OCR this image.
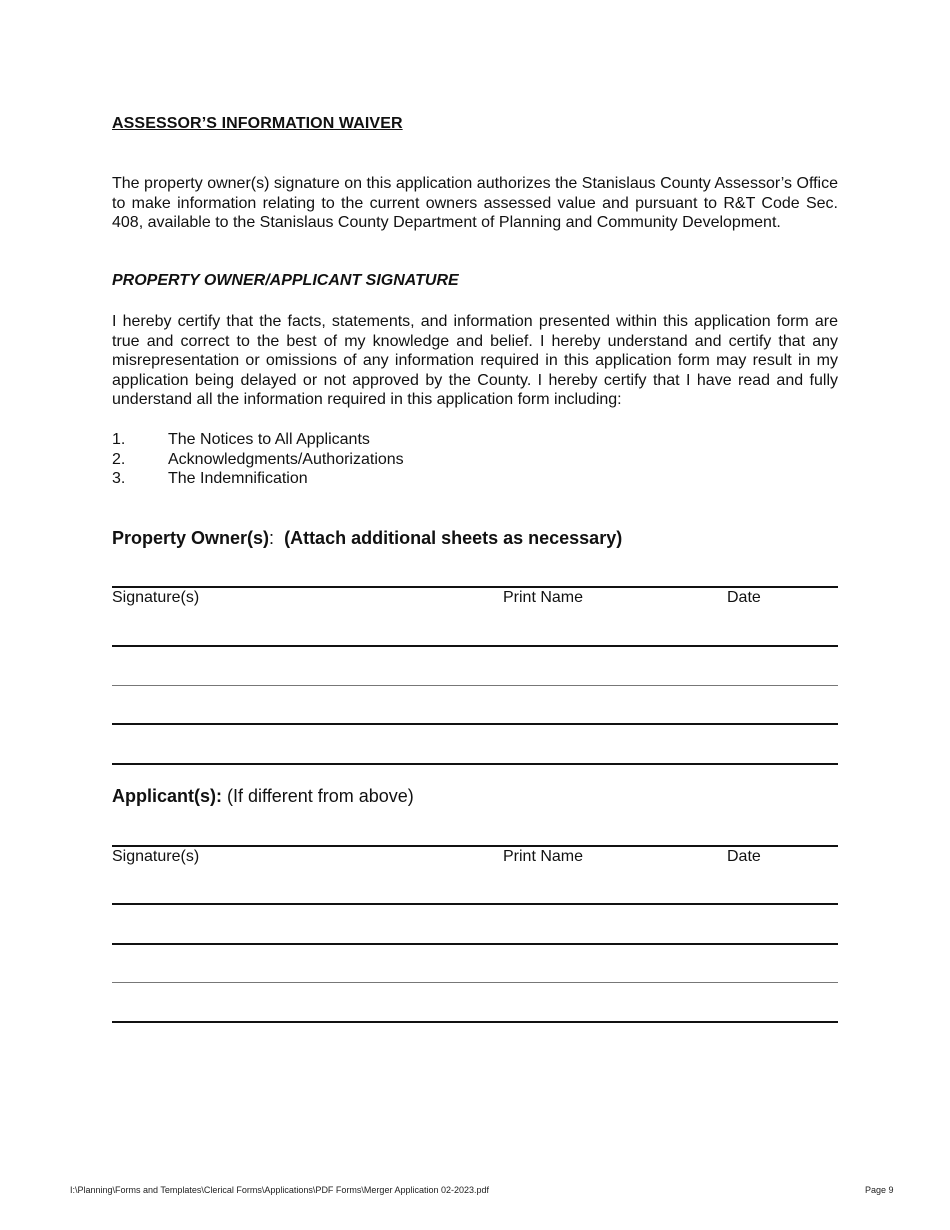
ASSESSOR’S INFORMATION WAIVER
The property owner(s) signature on this application authorizes the Stanislaus County Assessor’s Office to make information relating to the current owners assessed value and pursuant to R&T Code Sec. 408, available to the Stanislaus County Department of Planning and Community Development.
PROPERTY OWNER/APPLICANT SIGNATURE
I hereby certify that the facts, statements, and information presented within this application form are true and correct to the best of my knowledge and belief. I hereby understand and certify that any misrepresentation or omissions of any information required in this application form may result in my application being delayed or not approved by the County. I hereby certify that I have read and fully understand all the information required in this application form including:
1.	The Notices to All Applicants
2.	Acknowledgments/Authorizations
3.	The Indemnification
Property Owner(s): (Attach additional sheets as necessary)
Signature(s)	Print Name	Date
Applicant(s): (If different from above)
Signature(s)	Print Name	Date
I:\Planning\Forms and Templates\Clerical Forms\Applications\PDF Forms\Merger Application 02-2023.pdf	Page 9
